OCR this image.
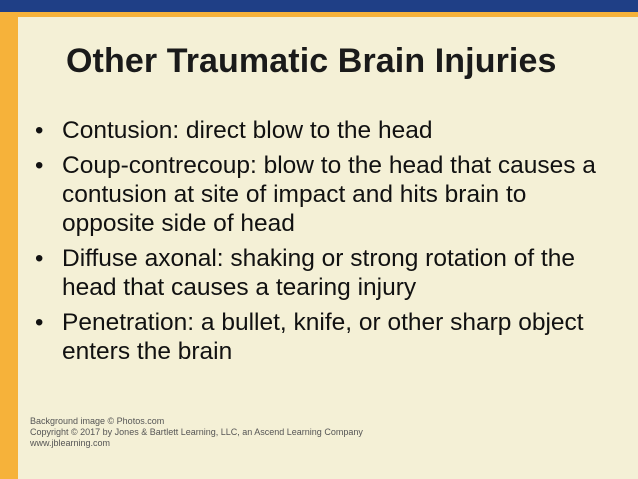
Other Traumatic Brain Injuries
• Contusion: direct blow to the head
• Coup-contrecoup: blow to the head that causes a contusion at site of impact and hits brain to opposite side of head
• Diffuse axonal: shaking or strong rotation of the head that causes a tearing injury
• Penetration: a bullet, knife, or other sharp object enters the brain
Background image © Photos.com
Copyright © 2017 by Jones & Bartlett Learning, LLC, an Ascend Learning Company
www.jblearning.com
